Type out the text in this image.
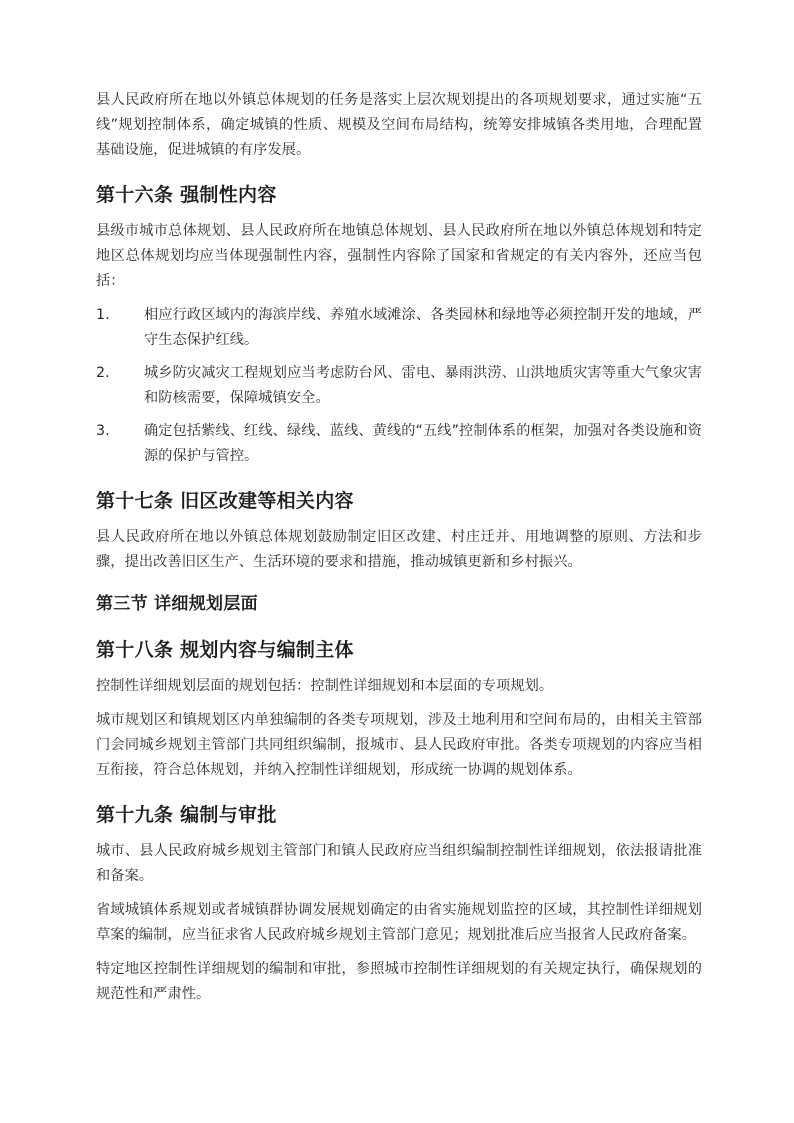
县人民政府所在地以外镇总体规划的任务是落实上层次规划提出的各项规划要求，通过实施“五线”规划控制体系，确定城镇的性质、规模及空间布局结构，统筹安排城镇各类用地，合理配置基础设施，促进城镇的有序发展。

第十六条 强制性内容

县级市城市总体规划、县人民政府所在地镇总体规划、县人民政府所在地以外镇总体规划和特定地区总体规划均应当体现强制性内容，强制性内容除了国家和省规定的有关内容外，还应当包括：

1. 相应行政区域内的海滨岸线、养殖水域滩涂、各类园林和绿地等必须控制开发的地域，严守生态保护红线。
2. 城乡防灾减灾工程规划应当考虑防台风、雷电、暴雨洪涝、山洪地质灾害等重大气象灾害和防核需要，保障城镇安全。
3. 确定包括紫线、红线、绿线、蓝线、黄线的“五线”控制体系的框架，加强对各类设施和资源的保护与管控。
第十七条 旧区改建等相关内容

县人民政府所在地以外镇总体规划鼓励制定旧区改建、村庄迁并、用地调整的原则、方法和步骤，提出改善旧区生产、生活环境的要求和措施，推动城镇更新和乡村振兴。

第三节 详细规划层面
第十八条 规划内容与编制主体

控制性详细规划层面的规划包括：控制性详细规划和本层面的专项规划。

城市规划区和镇规划区内单独编制的各类专项规划，涉及土地利用和空间布局的，由相关主管部门会同城乡规划主管部门共同组织编制，报城市、县人民政府审批。各类专项规划的内容应当相互衔接，符合总体规划，并纳入控制性详细规划，形成统一协调的规划体系。

第十九条 编制与审批

城市、县人民政府城乡规划主管部门和镇人民政府应当组织编制控制性详细规划，依法报请批准和备案。

省域城镇体系规划或者城镇群协调发展规划确定的由省实施规划监控的区域，其控制性详细规划草案的编制，应当征求省人民政府城乡规划主管部门意见；规划批准后应当报省人民政府备案。

特定地区控制性详细规划的编制和审批，参照城市控制性详细规划的有关规定执行，确保规划的规范性和严肃性。
